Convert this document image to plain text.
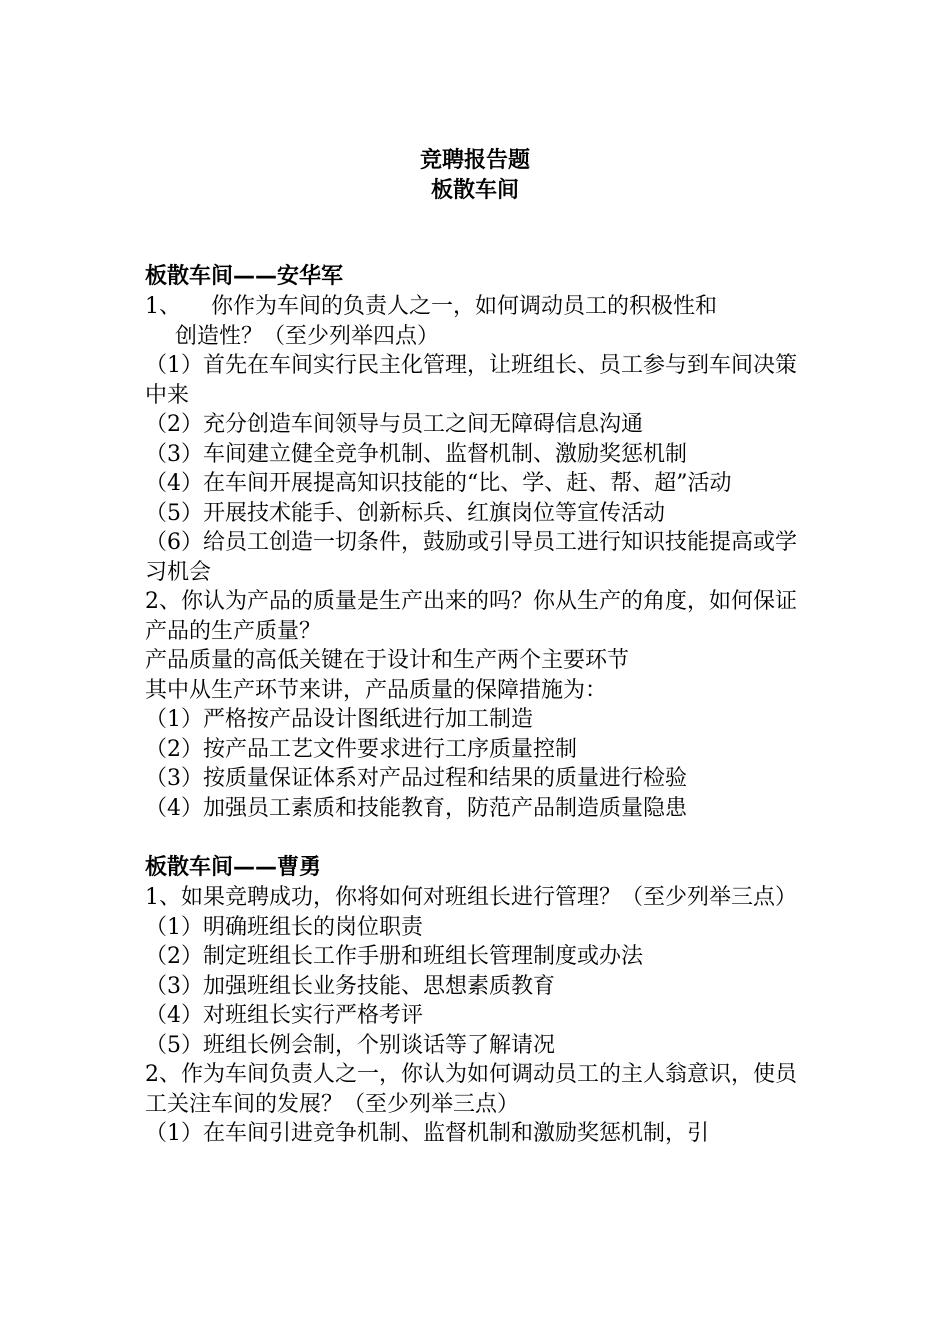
竞聘报告题
板散车间
板散车间——安华军
1、	你作为车间的负责人之一，如何调动员工的积极性和
创造性？（至少列举四点）
（1）首先在车间实行民主化管理，让班组长、员工参与到车间决策中来
（2）充分创造车间领导与员工之间无障碍信息沟通
（3）车间建立健全竞争机制、监督机制、激励奖惩机制
（4）在车间开展提高知识技能的“比、学、赶、帮、超”活动
（5）开展技术能手、创新标兵、红旗岗位等宣传活动
（6）给员工创造一切条件，鼓励或引导员工进行知识技能提高或学习机会
2、你认为产品的质量是生产出来的吗？你从生产的角度，如何保证产品的生产质量？
产品质量的高低关键在于设计和生产两个主要环节
其中从生产环节来讲，产品质量的保障措施为：
（1）严格按产品设计图纸进行加工制造
（2）按产品工艺文件要求进行工序质量控制
（3）按质量保证体系对产品过程和结果的质量进行检验
（4）加强员工素质和技能教育，防范产品制造质量隐患
板散车间——曹勇
1、如果竞聘成功，你将如何对班组长进行管理？（至少列举三点）
（1）明确班组长的岗位职责
（2）制定班组长工作手册和班组长管理制度或办法
（3）加强班组长业务技能、思想素质教育
（4）对班组长实行严格考评
（5）班组长例会制，个别谈话等了解请况
2、作为车间负责人之一，你认为如何调动员工的主人翁意识，使员工关注车间的发展？（至少列举三点）
（1）在车间引进竞争机制、监督机制和激励奖惩机制，引
